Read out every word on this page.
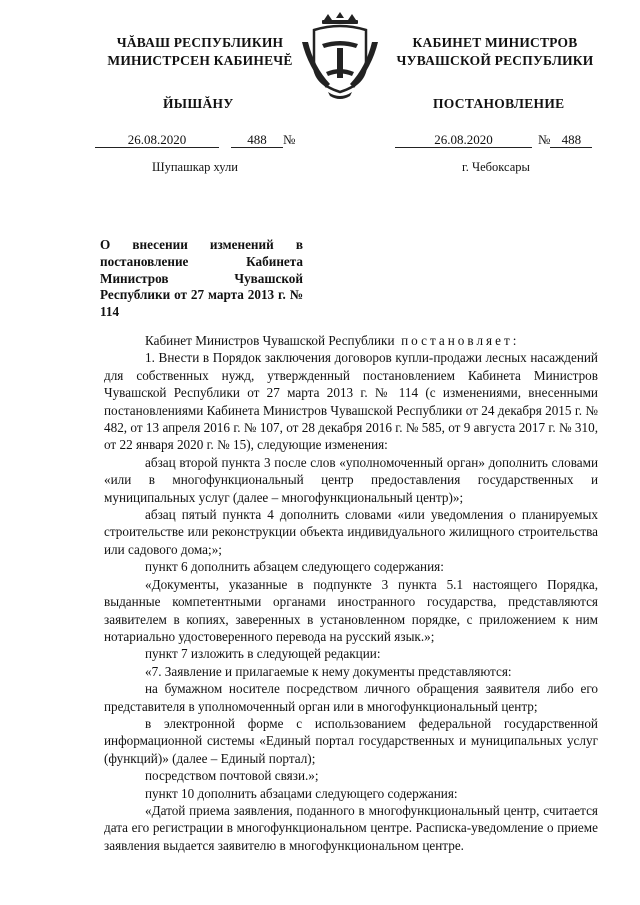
ЧĂВАШ РЕСПУБЛИКИН
МИНИСТРСЕН КАБИНЕЧĔ
КАБИНЕТ МИНИСТРОВ
ЧУВАШСКОЙ РЕСПУБЛИКИ
ЙЫШĂНУ	ПОСТАНОВЛЕНИЕ
26.08.2020	488 №	26.08.2020	№ 488
Шупашкар хули	г. Чебоксары
О внесении изменений в постановление Кабинета Министров Чувашской Республики от 27 марта 2013 г. № 114

Кабинет Министров Чувашской Республики постановляет:

1. Внести в Порядок заключения договоров купли-продажи лесных насаждений для собственных нужд, утвержденный постановлением Кабинета Министров Чувашской Республики от 27 марта 2013 г. № 114 (с изменениями, внесенными постановлениями Кабинета Министров Чувашской Республики от 24 декабря 2015 г. № 482, от 13 апреля 2016 г. № 107, от 28 декабря 2016 г. № 585, от 9 августа 2017 г. № 310, от 22 января 2020 г. № 15), следующие изменения:

абзац второй пункта 3 после слов «уполномоченный орган» дополнить словами «или в многофункциональный центр предоставления государственных и муниципальных услуг (далее – многофункциональный центр)»;

абзац пятый пункта 4 дополнить словами «или уведомления о планируемых строительстве или реконструкции объекта индивидуального жилищного строительства или садового дома;»;

пункт 6 дополнить абзацем следующего содержания:

«Документы, указанные в подпункте 3 пункта 5.1 настоящего Порядка, выданные компетентными органами иностранного государства, представляются заявителем в копиях, заверенных в установленном порядке, с приложением к ним нотариально удостоверенного перевода на русский язык.»;

пункт 7 изложить в следующей редакции:

«7. Заявление и прилагаемые к нему документы представляются:

на бумажном носителе посредством личного обращения заявителя либо его представителя в уполномоченный орган или в многофункциональный центр;

в электронной форме с использованием федеральной государственной информационной системы «Единый портал государственных и муниципальных услуг (функций)» (далее – Единый портал);

посредством почтовой связи.»;

пункт 10 дополнить абзацами следующего содержания:

«Датой приема заявления, поданного в многофункциональный центр, считается дата его регистрации в многофункциональном центре. Расписка-уведомление о приеме заявления выдается заявителю в многофункциональном центре.
